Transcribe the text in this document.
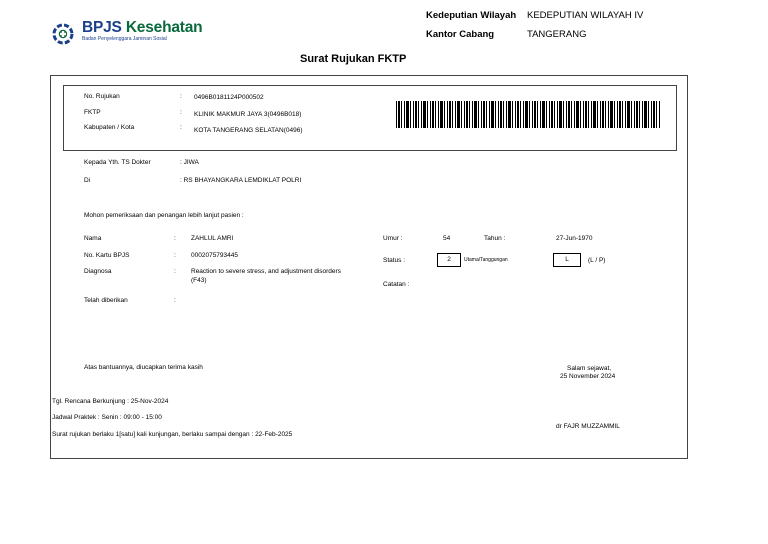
BPJS Kesehatan
Badan Penyelenggara Jaminan Sosial
Kedeputian Wilayah KEDEPUTIAN WILAYAH IV
Kantor Cabang	TANGERANG
Surat Rujukan FKTP
No. Rujukan	: 0496B0181124P000502
FKTP	: KLINIK MAKMUR JAYA 3(0496B018)
Kabupaten / Kota	: KOTA TANGERANG SELATAN(0496)
Kepada Yth. TS Dokter	: JIWA
Di	: RS BHAYANGKARA LEMDIKLAT POLRI
Mohon pemeriksaan dan penangan lebih lanjut pasien :
Nama	: ZAHLUL AMRI
No. Kartu BPJS	: 0002075793445
Diagnosa	: Reaction to severe stress, and adjustment disorders
(F43)
Telah diberikan	:
Umur :	54	Tahun :	27-Jun-1970
Status :	2	Utama/Tanggungan	L	(L / P)
Catatan :
Atas bantuannya, diucapkan terima kasih	Salam sejawat,
25 November 2024
dr FAJR MUZZAMMIL
Tgl. Rencana Berkunjung : 25-Nov-2024
Jadwal Praktek : Senin : 09:00 - 15:00
Surat rujukan berlaku 1[satu] kali kunjungan, berlaku sampai dengan : 22-Feb-2025
